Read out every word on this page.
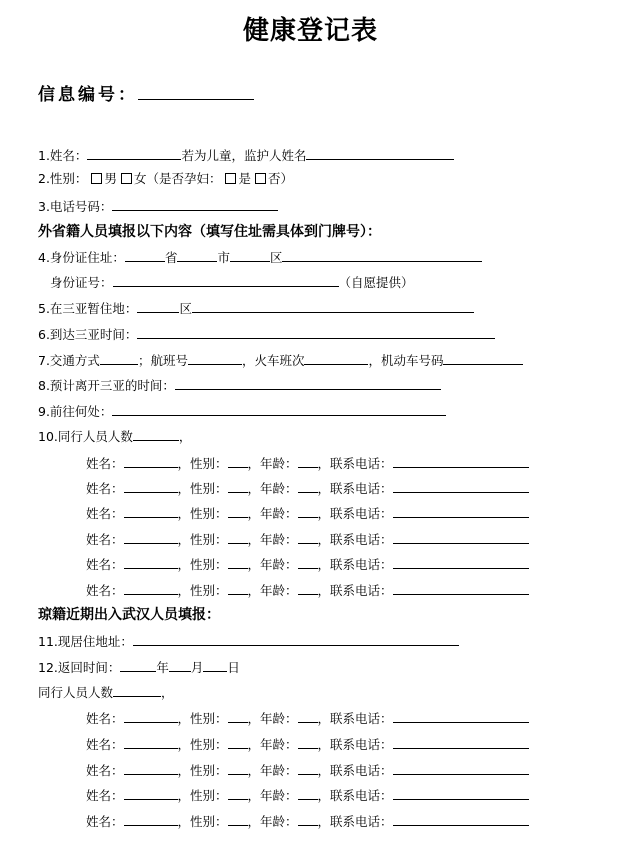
健康登记表
信息编号：
1.姓名：	若为儿童，监护人姓名
2.性别： 男 女（是否孕妇： 是 否）
3.电话号码：
外省籍人员填报以下内容（填写住址需具体到门牌号）：
4.身份证住址：	省	市	区
身份证号：	（自愿提供）
5.在三亚暂住地：	区
6.到达三亚时间：
7.交通方式	；航班号	，火车班次	，机动车号码
8.预计离开三亚的时间：
9.前往何处：
10.同行人员人数	，
姓名：	，性别： ，年龄： ，联系电话：
姓名：	，性别： ，年龄： ，联系电话：
姓名：	，性别： ，年龄： ，联系电话：
姓名：	，性别： ，年龄： ，联系电话：
姓名：	，性别： ，年龄： ，联系电话：
姓名：	，性别： ，年龄： ，联系电话：
琼籍近期出入武汉人员填报：
11.现居住地址：
12.返回时间：	年 月 日
同行人员人数	，
姓名：	，性别： ，年龄： ，联系电话：
姓名：	，性别： ，年龄： ，联系电话：
姓名：	，性别： ，年龄： ，联系电话：
姓名：	，性别： ，年龄： ，联系电话：
姓名：	，性别： ，年龄： ，联系电话：
